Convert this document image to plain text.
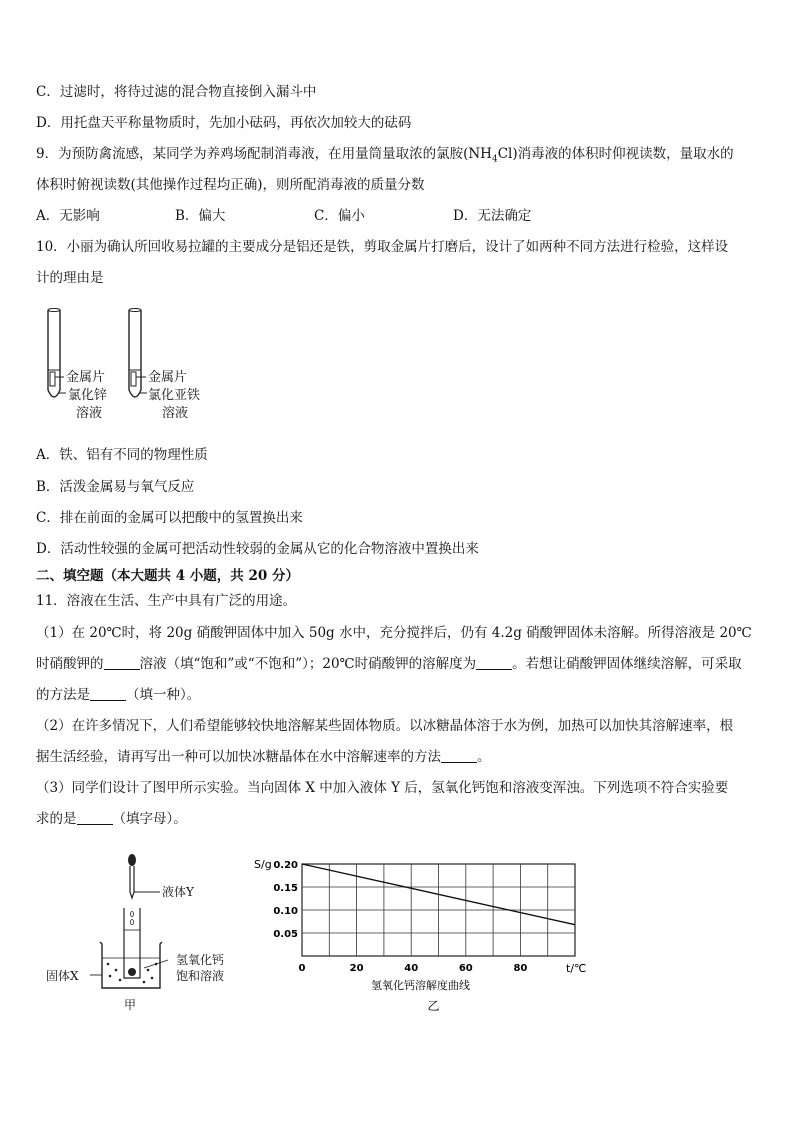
C．过滤时，将待过滤的混合物直接倒入漏斗中
D．用托盘天平称量物质时，先加小砝码，再依次加较大的砝码
9．为预防禽流感，某同学为养鸡场配制消毒液，在用量筒量取浓的氯胺$(NH_4Cl)$消毒液的体积时仰视读数，量取水的
体积时俯视读数(其他操作过程均正确)，则所配消毒液的质量分数
A．无影响	B．偏大	C．偏小	D．无法确定
10．小丽为确认所回收易拉罐的主要成分是铝还是铁，剪取金属片打磨后，设计了如两种不同方法进行检验，这样设
计的理由是
金属片
氯化锌
溶液
金属片
氯化亚铁
溶液
A．铁、铝有不同的物理性质
B．活泼金属易与氧气反应
C．排在前面的金属可以把酸中的氢置换出来
D．活动性较强的金属可把活动性较弱的金属从它的化合物溶液中置换出来
二、填空题（本大题共 4 小题，共 20 分）
11．溶液在生活、生产中具有广泛的用途。
（1）在 20℃时，将 20g 硝酸钾固体中加入 50g 水中，充分搅拌后，仍有 4.2g 硝酸钾固体未溶解。所得溶液是 20℃
时硝酸钾的	溶液（填“饱和”或“不饱和”）；20℃时硝酸钾的溶解度为	。若想让硝酸钾固体继续溶解，可采取
的方法是	（填一种）。
（2）在许多情况下，人们希望能够较快地溶解某些固体物质。以冰糖晶体溶于水为例，加热可以加快其溶解速率，根
据生活经验，请再写出一种可以加快冰糖晶体在水中溶解速率的方法	。
（3）同学们设计了图甲所示实验。当向固体 X 中加入液体 Y 后，氢氧化钙饱和溶液变浑浊。下列选项不符合实验要
求的是	（填字母）。
液体Y
氢氧化钙
饱和溶液
固体X
甲
0	20	40	60	80
0.05
0.10
0.15
0.20
S/g
t/℃
氢氧化钙溶解度曲线
乙
